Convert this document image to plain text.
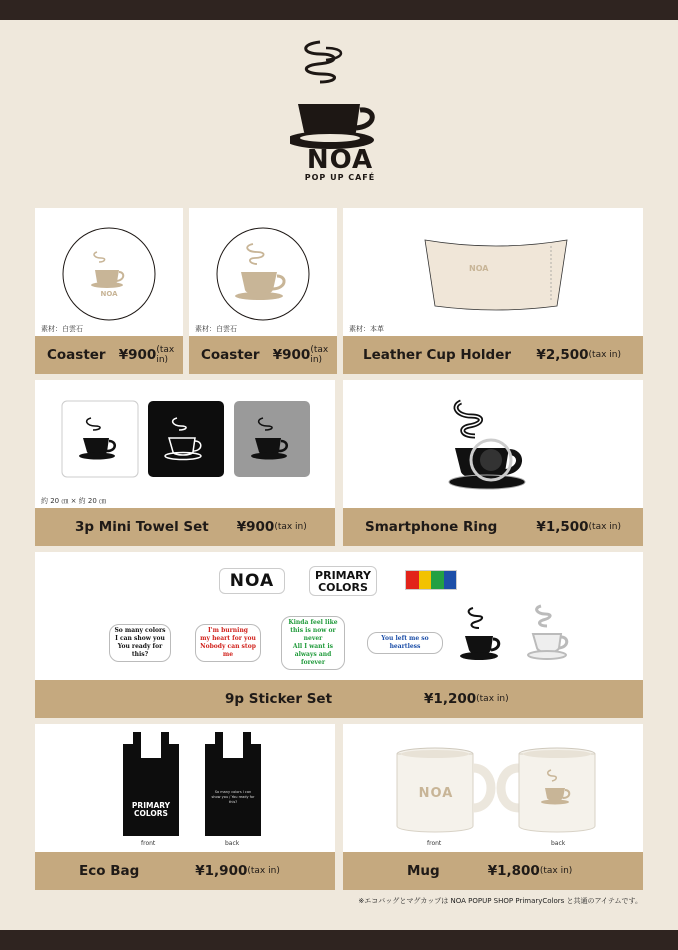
NOA
POP UP CAFÉ
NOA
素材：白雲石
Coaster ¥900 (tax in)
素材：白雲石
Coaster ¥900 (tax in)
NOA
素材：本革
Leather Cup Holder ¥2,500 (tax in)
約 20 ㎝ × 約 20 ㎝
3p Mini Towel Set ¥900 (tax in)	Smartphone Ring	¥1,500 (tax in)
NOA	PRIMARY
COLORS
So many colors
I can show you
You ready for this?
I'm burning
my heart for you
Nobody can stop me
Kinda feel like
this is now or never
All I want is
always and forever
You left me so heartless
9p Sticker Set	¥1,200 (tax in)
PRIMARY
COLORS
So many colors I can show you / You ready for this?
front	back
Eco Bag	¥1,900 (tax in)
NOA
front	back
Mug	¥1,800 (tax in)
※エコバッグとマグカップは NOA POPUP SHOP PrimaryColors と共通のアイテムです。
